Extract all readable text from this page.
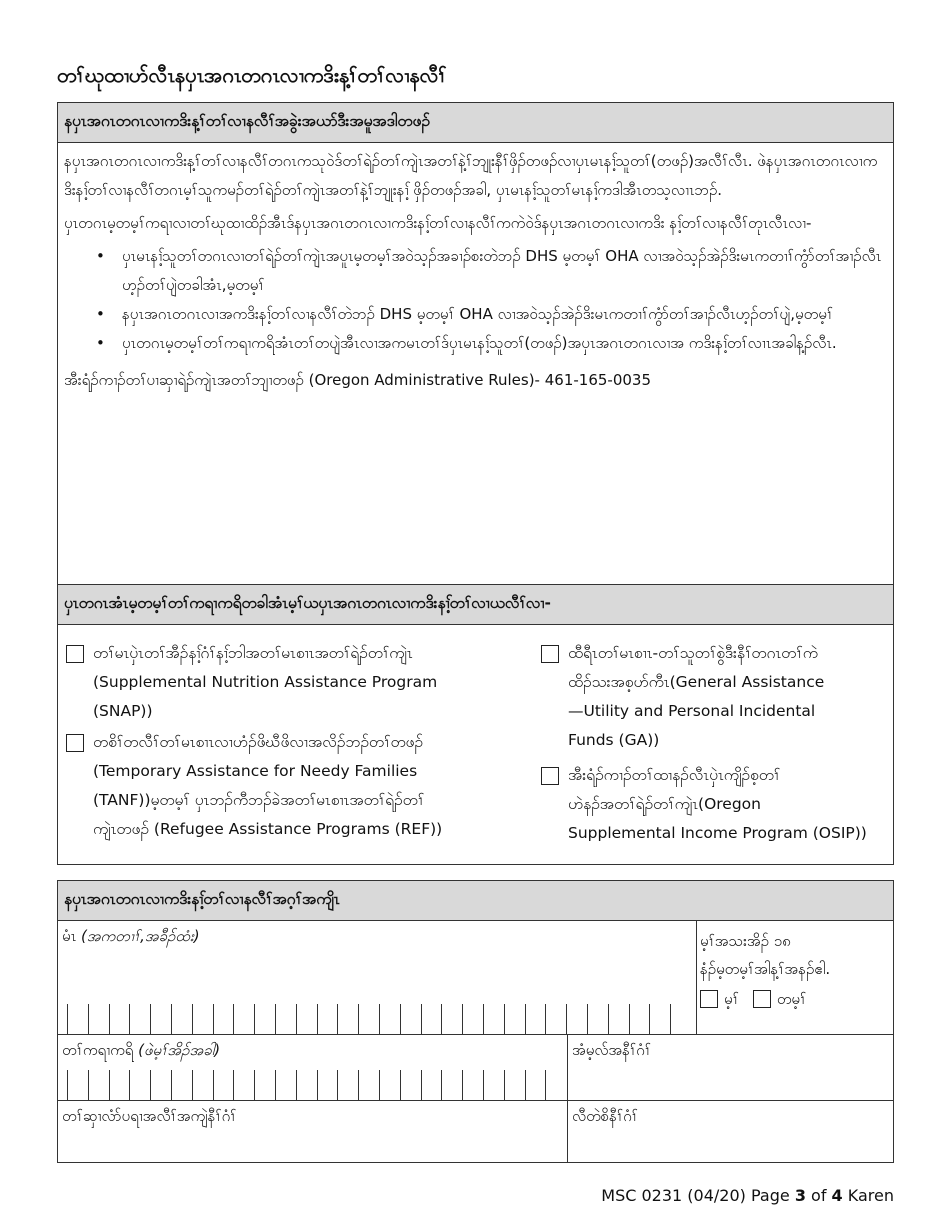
တၢ်ဃုထၢဟ်လီၤနပှၤအဂၤတဂၤလၢကဒိးန့ၢ်တၢ်လၢနလီၢ်
နပှၤအဂၤတဂၤလၢကဒိးန့ၢ်တၢ်လၢနလီၢ်အခွဲးအယာ်ဒီးအမူအဒါတဖၣ်

နပှၤအဂၤတဂၤလၢကဒိးန့ၢ်တၢ်လၢနလီၢ်တဂၤကသုဝဲဒ်တၢ်ရဲၣ်တၢ်ကျဲၤအတၢ်နဲ့ၢ်ဘျုးနီၢ်ဖှိၣ်တဖၣ်လၢပှၤမၤနၢ့်သူတၢ်(တဖၣ်)အလီၢ်လီၤ. ဖဲနပှၤအဂၤတဂၤလၢကဒိးနၢ့်တၢ်လၢနလီၢ်တဂၤမ့ၢ်သူကမၣ်တၢ်ရဲၣ်တၢ်ကျဲၤအတၢ်နဲ့ၢ်ဘျုးနၢ့် ဖှိၣ်တဖၣ်အခါ, ပှၤမၤနၢ့်သူတၢ်မၤနၢ့်ကဒါအီၤတသ့လၢၤဘၣ်.

ပှၤတဂၤမ့တမ့ၢ်ကရၢလၢတၢ်ဃုထၢထိၣ်အီၤဒ်နပှၤအဂၤတဂၤလၢကဒိးနၢ့်တၢ်လၢနလီၢ်ကကဲဝဲဒ်နပှၤအဂၤတဂၤလၢကဒိး နၢ့်တၢ်လၢနလီၢ်တုၤလီၤလၢ-

• ပှၤမၤနၢ့်သူတၢ်တဂၤလၢတၢ်ရဲၣ်တၢ်ကျဲၤအပူၤမ့တမ့ၢ်အဝဲသ့ၣ်အခၢၣ်စးတဲဘၣ် DHS မ့တမ့ၢ် OHA လၢအဝဲသ့ၣ်အဲၣ်ဒိးမၤကတၢၢ်ကွံာ်တၢ်အၢၣ်လီၤဟ့ၣ်တၢ်ပျဲတခါအံၤ,မ့တမ့ၢ်
• နပှၤအဂၤတဂၤလၢအကဒိးနၢ့်တၢ်လၢနလီၢ်တဲဘၣ် DHS မ့တမ့ၢ် OHA လၢအဝဲသ့ၣ်အဲၣ်ဒိးမၤကတၢၢ်ကွံာ်တၢ်အၢၣ်လီၤဟ့ၣ်တၢ်ပျဲ,မ့တမ့ၢ်
• ပှၤတဂၤမ့တမ့ၢ်တၢ်ကရၢကရိအံၤတၢ်တပျဲအီၤလၢအကမၤတၢ်ဒ်ပှၤမၤနၢ့်သူတၢ်(တဖၣ်)အပှၤအဂၤတဂၤလၢအ ကဒိးနၢ့်တၢ်လၢၤအခါန့ၣ်လီၤ.

အီးရံၣ်ကၢၣ်တၢ်ပၢဆှၢရဲၣ်ကျဲၤအတၢ်ဘျၢတဖၣ် (Oregon Administrative Rules)- 461-165-0035

ပှၤတဂၤအံၤမ့တမ့ၢ်တၢ်ကရၢကရိတခါအံၤမ့ၢ်ယပှၤအဂၤတဂၤလၢကဒိးနၢ့်တၢ်လၢယလီၢ်လၢ-
တၢ်မၤပှဲၤတၢ်အီၣ်နၢ့်ဂံၢ်နၢ့်ဘါအတၢ်မၤစၢၤအတၢ်ရဲၣ်တၢ်ကျဲၤ
(Supplemental Nutrition Assistance Program
(SNAP))
တစိၢ်တလီၢ်တၢ်မၤစၢၤလၢဟံၣ်ဖိဃီဖိလၢအလိၣ်ဘၣ်တၢ်တဖၣ်
(Temporary Assistance for Needy Families
(TANF))မ့တမ့ၢ် ပှၤဘၣ်ကီဘၣ်ခဲအတၢ်မၤစၢၤအတၢ်ရဲၣ်တၢ်
ကျဲၤတဖၣ် (Refugee Assistance Programs (REF))
ထီရီၤတၢ်မၤစၢၤ-တၢ်သူတၢ်စွဲဒီးနီၢ်တဂၤတၢ်ကဲ
ထိၣ်သးအစ့ဟ်ကီၤ(General Assistance
—Utility and Personal Incidental
Funds (GA))
အီးရံၣ်ကၢၣ်တၢ်ထၢနၣ်လီၤပှဲၤကျိၣ်စ့တၢ်
ဟဲနၣ်အတၢ်ရဲၣ်တၢ်ကျဲၤ(Oregon
Supplemental Income Program (OSIP))
နပှၤအဂၤတဂၤလၢကဒိးနၢ့်တၢ်လၢနလီၢ်အဂ့ၢ်အကျိၤ
မံၤ (အကတၢၢ်,အခီၣ်ထံး)	မ့ၢ်အသးအိၣ် ၁၈
နံၣ်မ့တမ့ၢ်အါန့ၢ်အနၣ်ဧါ.
မ့ၢ်	တမ့ၢ်
တၢ်ကရၢကရိ (ဖဲမ့ၢ်အိၣ်အခါ)	အံမ့လ်အနီၢ်ဂံၢ်
တၢ်ဆှၢလံာ်ပရၢအလီၢ်အကျဲနီၢ်ဂံၢ်	လီတဲစိနီၢ်ဂံၢ်
MSC 0231 (04/20) Page 3 of 4 Karen
